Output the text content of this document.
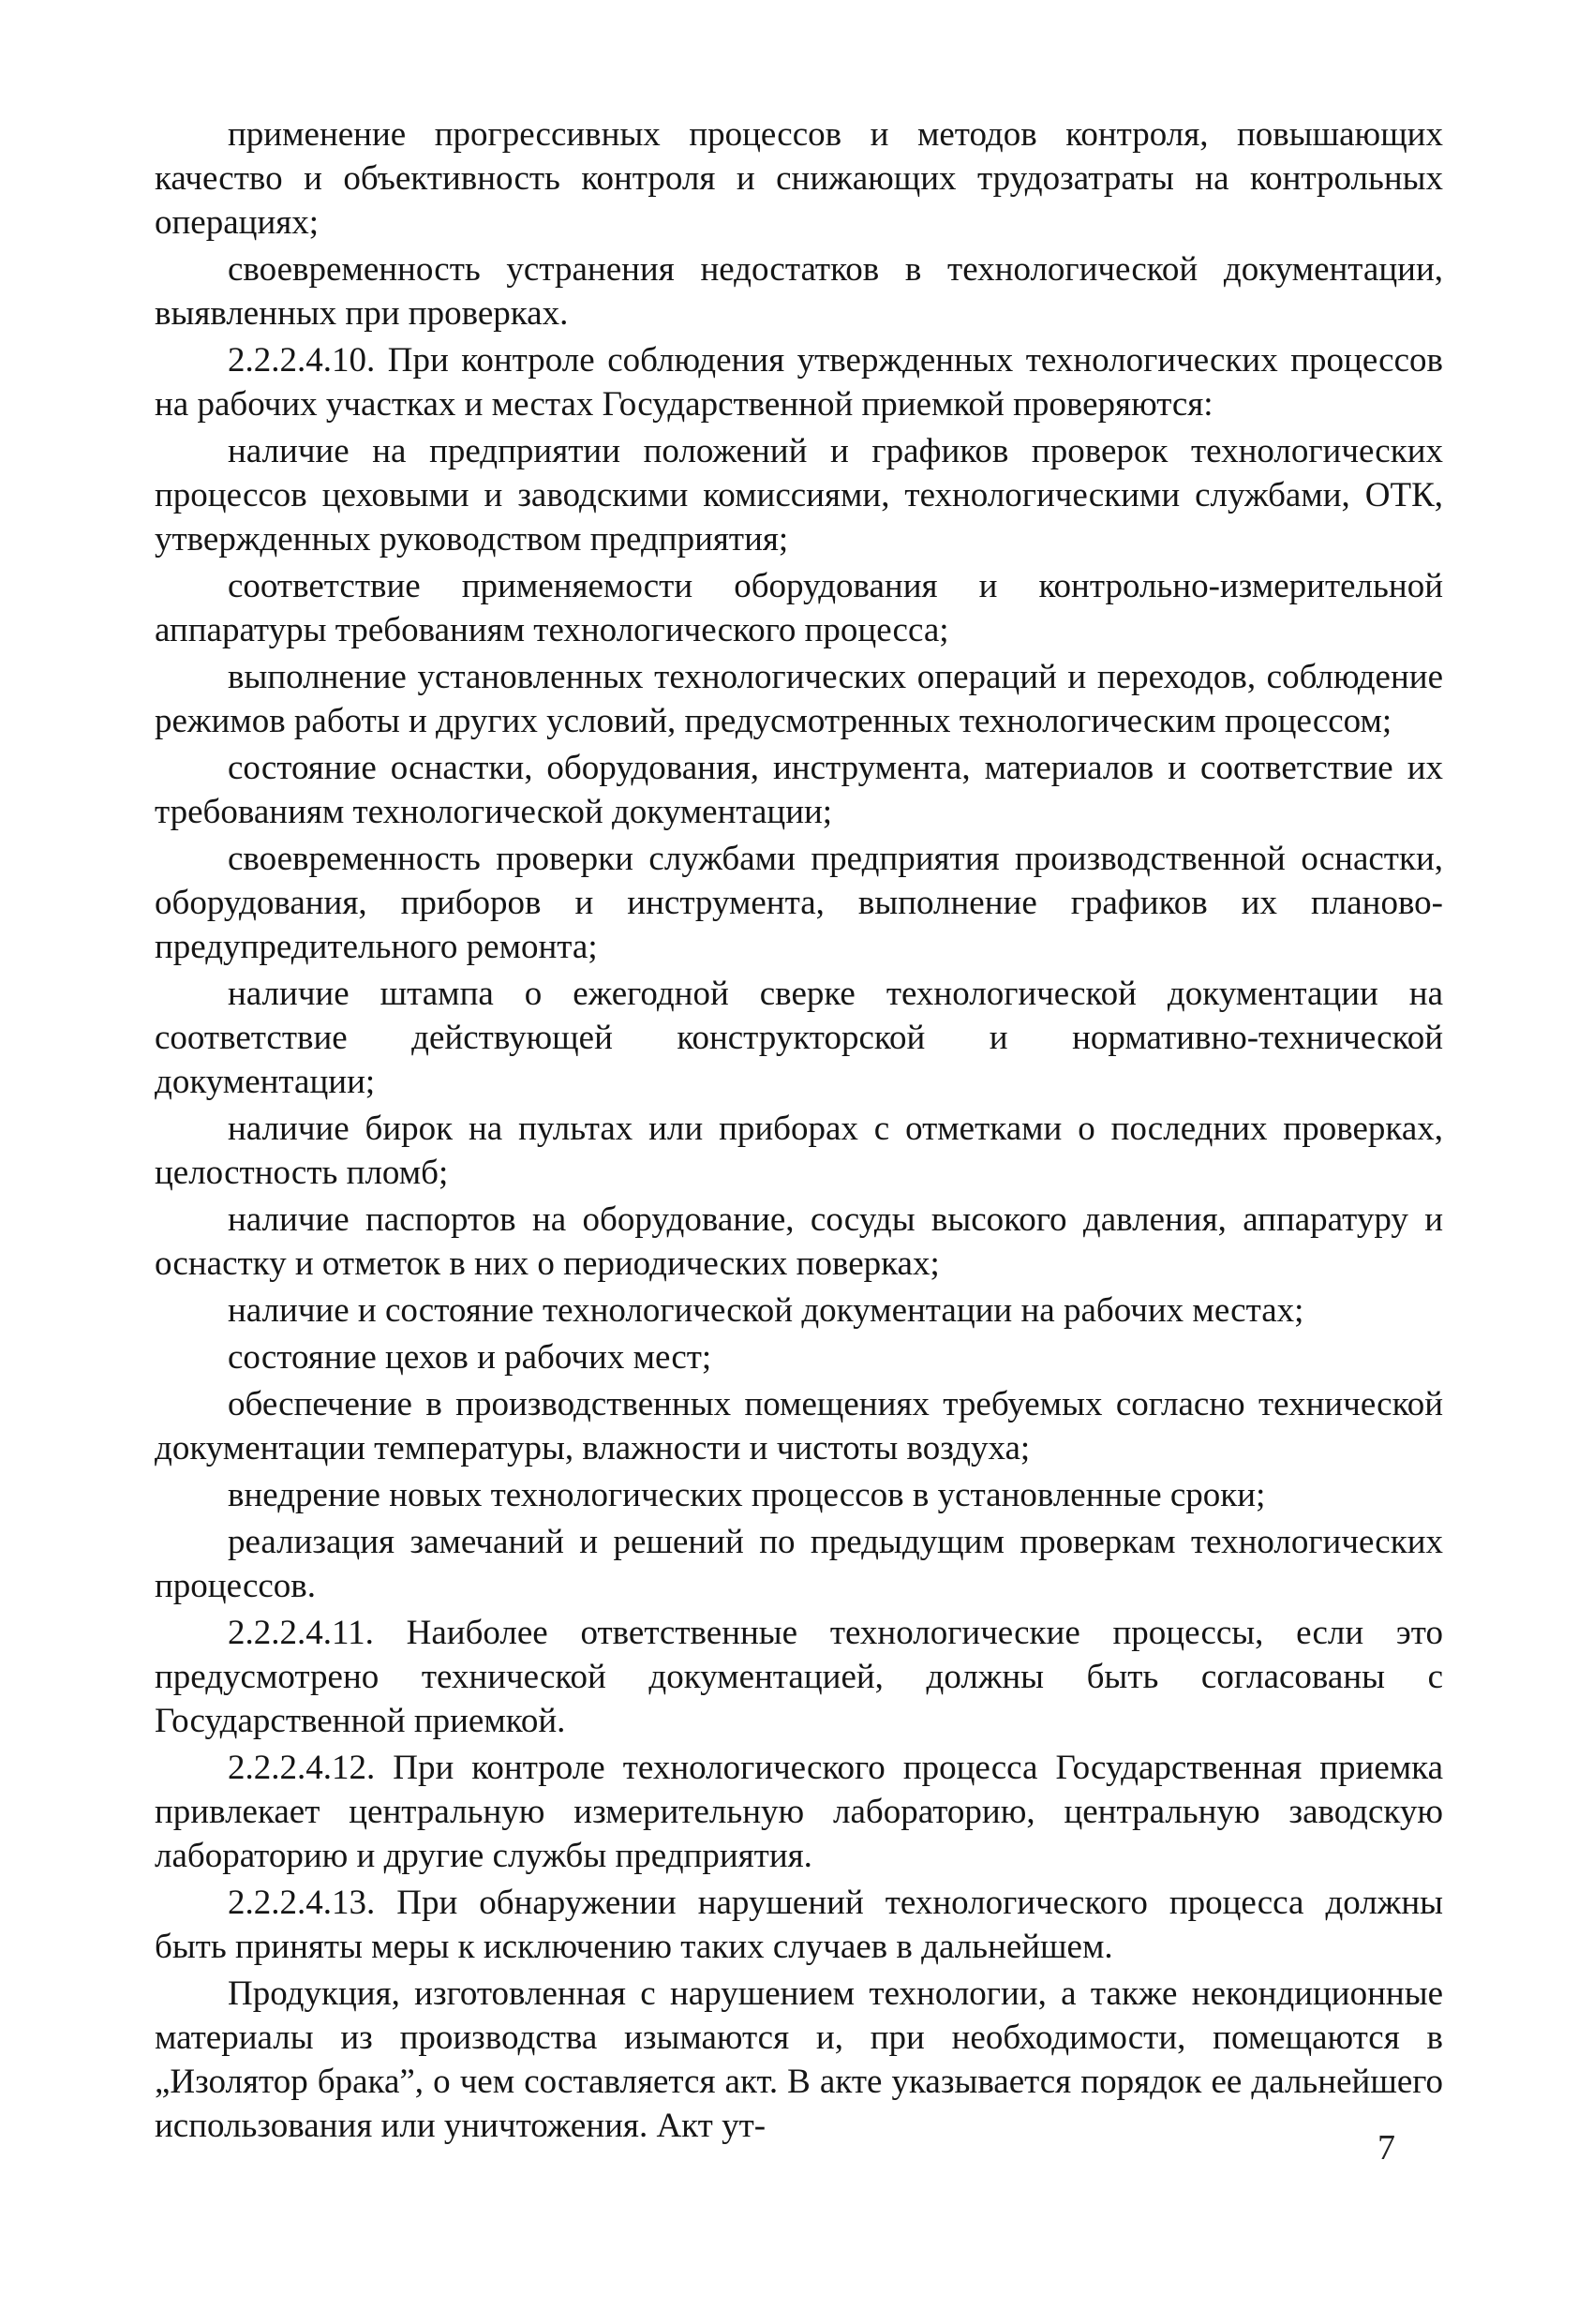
применение прогрессивных процессов и методов контроля, повышающих качество и объективность контроля и снижающих трудозатраты на контрольных операциях;

своевременность устранения недостатков в технологической документации, выявленных при проверках.

2.2.2.4.10. При контроле соблюдения утвержденных технологических процессов на рабочих участках и местах Государственной приемкой проверяются:

наличие на предприятии положений и графиков проверок технологических процессов цеховыми и заводскими комиссиями, технологическими службами, ОТК, утвержденных руководством предприятия;

соответствие применяемости оборудования и контрольно-измерительной аппаратуры требованиям технологического процесса;

выполнение установленных технологических операций и переходов, соблюдение режимов работы и других условий, предусмотренных технологическим процессом;

состояние оснастки, оборудования, инструмента, материалов и соответствие их требованиям технологической документации;

своевременность проверки службами предприятия производственной оснастки, оборудования, приборов и инструмента, выполнение графиков их планово-предупредительного ремонта;

наличие штампа о ежегодной сверке технологической документации на соответствие действующей конструкторской и нормативно-технической документации;

наличие бирок на пультах или приборах с отметками о последних проверках, целостность пломб;

наличие паспортов на оборудование, сосуды высокого давления, аппаратуру и оснастку и отметок в них о периодических поверках;

наличие и состояние технологической документации на рабочих местах;

состояние цехов и рабочих мест;

обеспечение в производственных помещениях требуемых согласно технической документации температуры, влажности и чистоты воздуха;

внедрение новых технологических процессов в установленные сроки;

реализация замечаний и решений по предыдущим проверкам технологических процессов.

2.2.2.4.11. Наиболее ответственные технологические процессы, если это предусмотрено технической документацией, должны быть согласованы с Государственной приемкой.

2.2.2.4.12. При контроле технологического процесса Государственная приемка привлекает центральную измерительную лабораторию, центральную заводскую лабораторию и другие службы предприятия.

2.2.2.4.13. При обнаружении нарушений технологического процесса должны быть приняты меры к исключению таких случаев в дальнейшем.

Продукция, изготовленная с нарушением технологии, а также некондиционные материалы из производства изымаются и, при необходимости, помещаются в „Изолятор брака”, о чем составляется акт. В акте указывается порядок ее дальнейшего использования или уничтожения. Акт ут-

7
